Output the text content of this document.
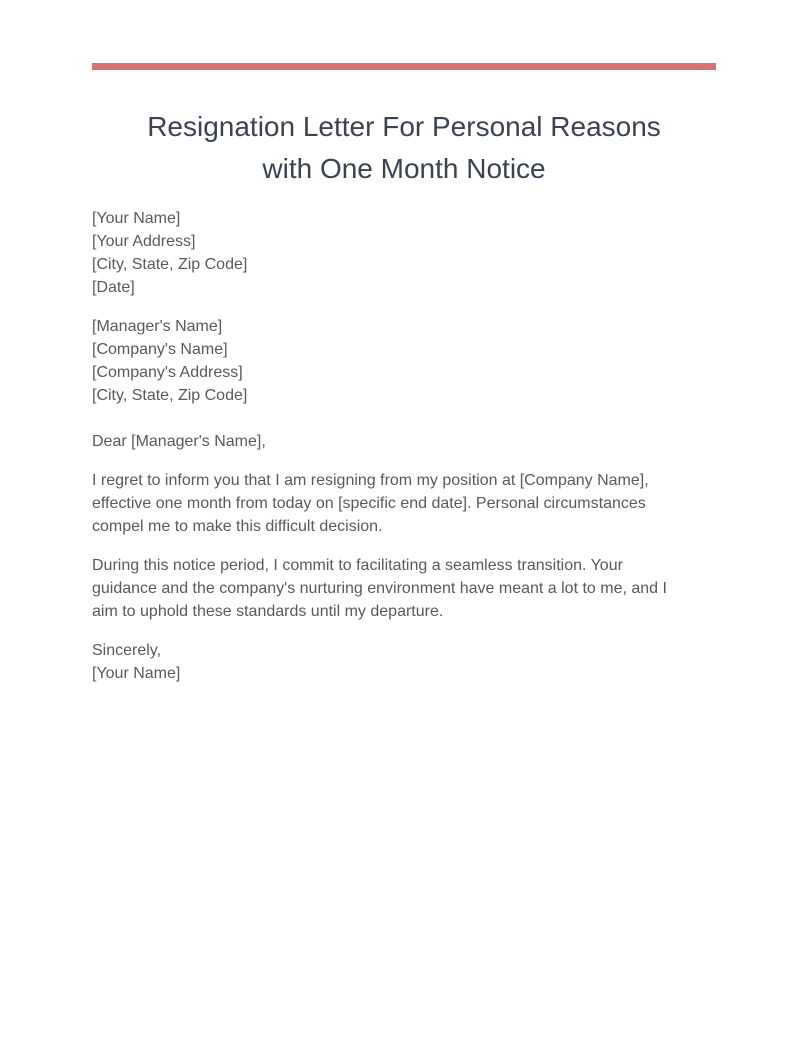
Resignation Letter For Personal Reasons
with One Month Notice
[Your Name]
[Your Address]
[City, State, Zip Code]
[Date]
[Manager's Name]
[Company's Name]
[Company's Address]
[City, State, Zip Code]

Dear [Manager's Name],

I regret to inform you that I am resigning from my position at [Company Name], effective one month from today on [specific end date]. Personal circumstances compel me to make this difficult decision.

During this notice period, I commit to facilitating a seamless transition. Your guidance and the company's nurturing environment have meant a lot to me, and I aim to uphold these standards until my departure.

Sincerely,
[Your Name]
